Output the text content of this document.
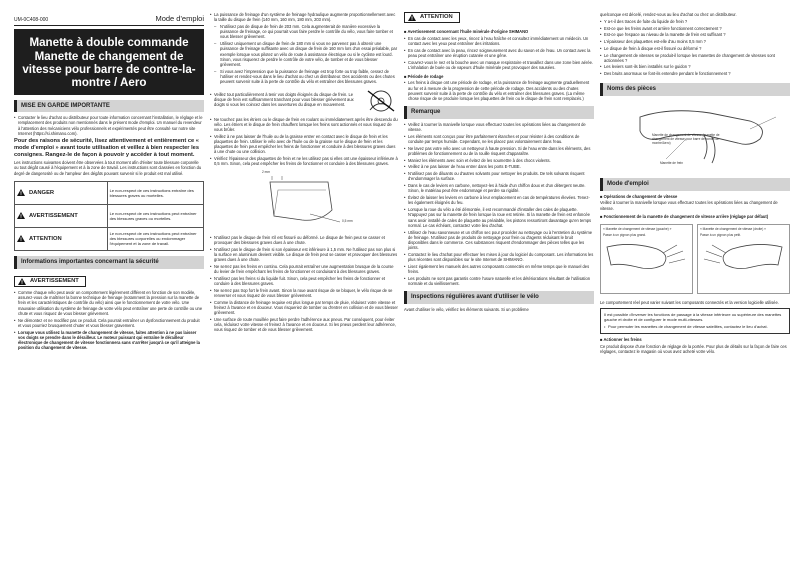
UM-0C408-000	Mode d'emploi
Manette à double commande
Manette de changement de vitesse pour barre de contre-la-montre / Aero
MISE EN GARDE IMPORTANTE
• Contacter le lieu d'achat ou distributeur pour toute information concernant l'installation, le réglage et le remplacement des produits non mentionnés dans le présent mode d'emploi. Un manuel du revendeur à l'attention des mécaniciens vélo professionnels et expérimentés peut être consulté sur notre site Internet (https://si.shimano.com).
Pour des raisons de sécurité, lisez attentivement et entièrement ce « mode d'emploi » avant toute utilisation et veillez à bien respecter les consignes. Rangez-le de façon à pouvoir y accéder à tout moment.

Les instructions suivantes doivent être observées à tout moment afin d'éviter toute blessure corporelle ou tout dégât causé à l'équipement et à la zone de travail. Les instructions sont classées en fonction du degré de dangerosité ou de l'ampleur des dégâts pouvant survenir si le produit est mal utilisé.

DANGER	Le non-respect de ces instructions entraîne des blessures graves ou mortelles.

AVERTISSEMENT	Le non-respect de ces instructions peut entraîner des blessures graves ou mortelles.

ATTENTION	Le non-respect de ces instructions peut entraîner des blessures corporelles ou endommager l'équipement et la zone de travail.
Informations importantes concernant la sécurité
AVERTISSEMENT
• Comme chaque vélo peut avoir un comportement légèrement différent en fonction de son modèle, assurez-vous de maîtriser la bonne technique de freinage (notamment la pression sur la manette de frein et les caractéristiques de contrôle du vélo) ainsi que le fonctionnement de votre vélo. Une mauvaise utilisation du système de freinage de votre vélo peut entraîner une perte de contrôle ou une chute et vous risquez de vous blesser grièvement.
• Ne démontez et ne modifiez pas ce produit. Cela pourrait entraîner un dysfonctionnement du produit et vous pourriez brusquement chuter et vous blesser gravement.
• Lorsque vous utilisez la manette de changement de vitesse, faites attention à ne pas laisser vos doigts se prendre dans le dérailleur. Le moteur puissant qui entraîne le dérailleur électronique de changement de vitesse fonctionnera sans s'arrêter jusqu'à ce qu'il atteigne la position du changement de vitesse.
• La puissance de freinage d'un système de freinage hydraulique augmente proportionnellement avec la taille du disque de frein (140 mm, 160 mm, 180 mm, 203 mm).
– N'utilisez pas de disque de frein de 203 mm. Cela augmenterait de manière excessive la puissance de freinage, ce qui pourrait vous faire perdre le contrôle du vélo, vous faire tomber et vous blesser grièvement.
– Utilisez uniquement un disque de frein de 180 mm si vous ne parvenez pas à obtenir une puissance de freinage suffisante avec un disque de frein de 160 mm lors d'un essai préalable, par exemple lorsque vous pilotez un vélo de route à assistance électrique ou si le cycliste est lourd. Sinon, vous risquerez de perdre le contrôle de votre vélo, de tomber et de vous blesser grièvement.
– Si vous avez l'impression que la puissance de freinage est trop forte ou trop faible, cessez de l'utiliser et rendez-vous dans le lieu d'achat ou chez un distributeur. Des accidents ou des chutes peuvent survenir suite à la perte de contrôle du vélo et entraîner des blessures graves.
• Veillez tout particulièrement à tenir vos doigts éloignés du disque de frein. Le disque de frein est suffisamment tranchant pour vous blesser grièvement aux doigts si vous les coincez dans les ouvertures du disque en mouvement.
• Ne touchez pas les étriers ou le disque de frein en roulant ou immédiatement après être descendu du vélo. Les étriers et le disque de frein chauffent lorsque les freins sont actionnés et vous risquez de vous brûler.
• Veillez à ne pas laisser de l'huile ou de la graisse entrer en contact avec le disque de frein et les plaquettes de frein. Utiliser le vélo avec de l'huile ou de la graisse sur le disque de frein et les plaquettes de frein peut empêcher les freins de fonctionner et conduire à des blessures graves dues à une chute ou une collision.
• Vérifiez l'épaisseur des plaquettes de frein et ne les utilisez pas si elles ont une épaisseur inférieure à 0,5 mm. Sinon, cela peut empêcher les freins de fonctionner et conduire à des blessures graves.
2 mm
0,5 mm
• N'utilisez pas le disque de frein s'il est fissuré ou déformé. Le disque de frein peut se casser et provoquer des blessures graves dues à une chute.
• N'utilisez pas le disque de frein si son épaisseur est inférieure à 1,5 mm. Ne l'utilisez pas non plus si la surface en aluminium devient visible. Le disque de frein peut se casser et provoquer des blessures graves dues à une chute.
• Ne serrez pas les freins en continu. Cela pourrait entraîner une augmentation brusque de la course du levier de frein empêchant les freins de fonctionner et conduisant à des blessures graves.
• N'utilisez pas les freins si du liquide fuit. Sinon, cela peut empêcher les freins de fonctionner et conduire à des blessures graves.
• Ne serrez pas trop fort le frein avant. Sinon la roue avant risque de se bloquer, le vélo risque de se renverser et vous risquez de vous blesser grièvement.
• Comme la distance de freinage requise est plus longue par temps de pluie, réduisez votre vitesse et freinez à l'avance et en douceur. Vous risqueriez de tomber ou d'entrer en collision et de vous blesser grièvement.
• Une surface de route mouillée peut faire perdre l'adhérence aux pneus. Par conséquent, pour éviter cela, réduisez votre vitesse et freinez à l'avance et en douceur. Si les pneus perdent leur adhérence, vous risquez de tomber et de vous blesser grièvement.
ATTENTION
■ Avertissement concernant l'huile minérale d'origine SHIMANO
• En cas de contact avec les yeux, rincez à l'eau fraîche et consultez immédiatement un médecin. Un contact avec les yeux peut entraîner des irritations.
• En cas de contact avec la peau, rincez soigneusement avec du savon et de l'eau. Un contact avec la peau peut entraîner une éruption cutanée et une gêne.
• Couvrez-vous le nez et la bouche avec un masque respiratoire et travaillez dans une zone bien aérée. L'inhalation de buée ou de vapeurs d'huile minérale peut provoquer des nausées.
■ Période de rodage
• Les freins à disque ont une période de rodage, et la puissance de freinage augmente graduellement au fur et à mesure de la progression de cette période de rodage. Des accidents ou des chutes peuvent survenir suite à la perte de contrôle du vélo et entraîner des blessures graves. (La même chose risque de se produire lorsque les plaquettes de frein ou le disque de frein sont remplacés.)
Remarque
• Veillez à tourner la manivelle lorsque vous effectuez toutes les opérations liées au changement de vitesse.
• Les éléments sont conçus pour être parfaitement étanches et pour résister à des conditions de conduite par temps humide. Cependant, ne les placez pas volontairement dans l'eau.
• Ne lavez pas votre vélo avec un nettoyeur à haute pression. Si de l'eau entre dans les éléments, des problèmes de fonctionnement ou de la rouille risquent d'apparaître.
• Maniez les éléments avec soin et évitez de les soumettre à des chocs violents.
• Veillez à ne pas laisser de l'eau entrer dans les ports E-TUBE.
• N'utilisez pas de diluants ou d'autres solvants pour nettoyer les produits. De tels solvants risquent d'endommager la surface.
• Dans le cas de leviers en carbone, nettoyez-les à l'aide d'un chiffon doux et d'un détergent neutre. Sinon, le matériau peut être endommagé et perdre sa rigidité.
• Évitez de laisser les leviers en carbone à leur emplacement en cas de températures élevées. Tenez-les également éloignés du feu.
• Lorsque la roue du vélo a été démontée, il est recommandé d'installer des cales de plaquette. N'appuyez pas sur la manette de frein lorsque la roue est retirée. Si la manette de frein est enfoncée sans avoir installé de cales de plaquette au préalable, les pistons ressortiront davantage qu'en temps normal. Le cas échéant, contactez votre lieu d'achat.
• Utilisez de l'eau savonneuse et un chiffon sec pour procéder au nettoyage ou à l'entretien du système de freinage. N'utilisez pas de produits de nettoyage pour frein ou d'agents réduisant le bruit disponibles dans le commerce. Ces substances risquent d'endommager des pièces telles que les joints.
• Contactez le lieu d'achat pour effectuer les mises à jour du logiciel du composant. Les informations les plus récentes sont disponibles sur le site Internet de SHIMANO.
• Lisez également les manuels des autres composants connectés en même temps que le manuel des freins.
• Les produits ne sont pas garantis contre l'usure naturelle et les détériorations résultant de l'utilisation normale et du vieillissement.
Inspections régulières avant d'utiliser le vélo

Avant d'utiliser le vélo, vérifiez les éléments suivants. Si un problème

quelconque est décelé, rendez-vous au lieu d'achat ou chez un distributeur.

• Y a-t-il des traces de fuite du liquide de frein ?
• Est-ce que les freins avant et arrière fonctionnent correctement ?
• Est-ce que l'espace au niveau de la manette de frein est suffisant ?
• L'épaisseur des plaquettes est-elle d'au moins 0,5 mm ?
• Le disque de frein à disque est-il fissuré ou déformé ?
• Le changement de vitesses se produit-il lorsque les manettes de changement de vitesses sont actionnées ?
• Les leviers sont-ils bien installés sur le guidon ?
• Des bruits anormaux se font-ils entendre pendant le fonctionnement ?
Noms des pièces
Manette de changement de vitesse (manette de changement de vitesse pour barre de contre-la-montre/Aero)
Manette de frein
Mode d'emploi
■ Opérations de changement de vitesse

Veillez à tourner la manivelle lorsque vous effectuez toutes les opérations liées au changement de vitesse.

■ Fonctionnement de la manette de changement de vitesse arrière (réglage par défaut)
« Manette de changement de vitesse (gauche) »
Passe à un pignon plus grand.
« Manette de changement de vitesse (droite) »
Passe à un pignon plus petit.

Le comportement réel peut varier suivant les composants connectés et la version logicielle utilisée.

Il est possible d'inverser les fonctions de passage à la vitesse inférieure ou supérieure des manettes gauche et droite et de configurer le mode multi-vitesses.

• Pour permuter les manettes de changement de vitesse satellites, contactez le lieu d'achat.
■ Actionner les freins

Ce produit dispose d'une fonction de réglage de la portée. Pour plus de détails sur la façon de faire ces réglages, contactez le magasin où vous avez acheté votre vélo.
